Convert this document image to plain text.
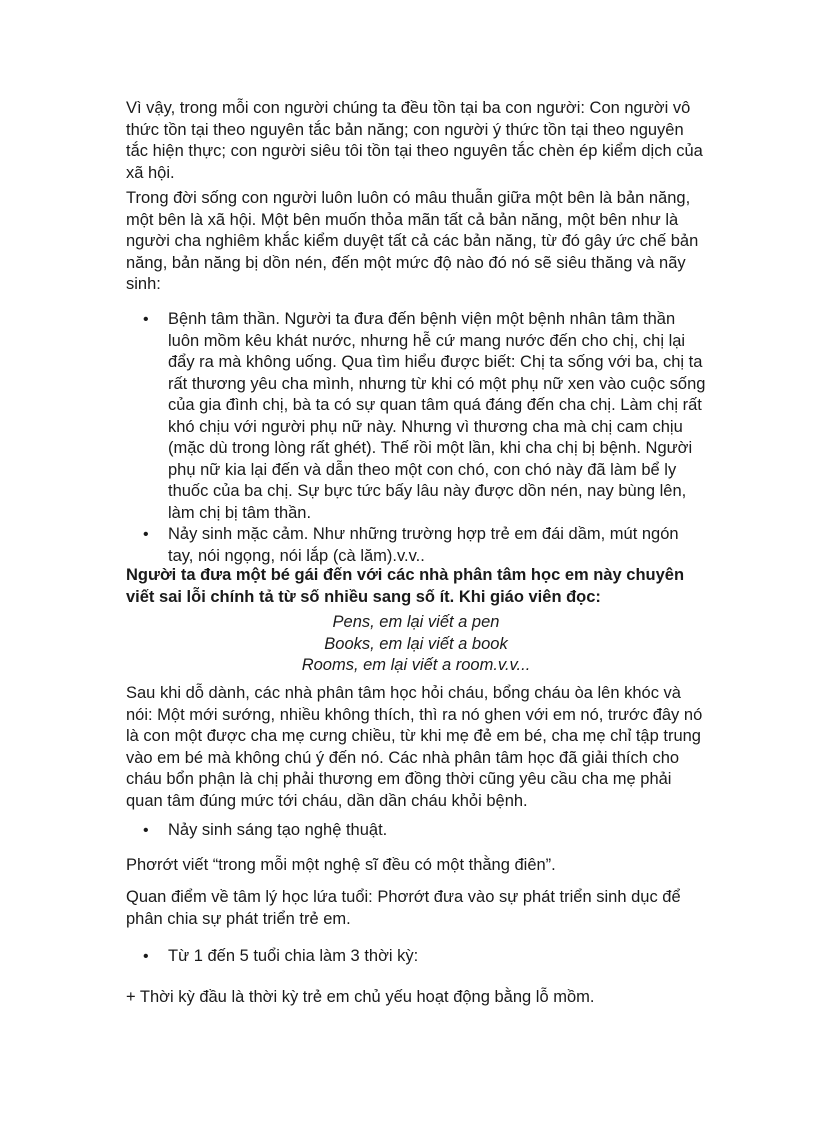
Vì vậy, trong mỗi con người chúng ta đều tồn tại ba con người: Con người vô thức tồn tại theo nguyên tắc bản năng; con người ý thức tồn tại theo nguyên tắc hiện thực; con người siêu tôi tồn tại theo nguyên tắc chèn ép kiểm dịch của xã hội.

Trong đời sống con người luôn luôn có mâu thuẫn giữa một bên là bản năng, một bên là xã hội. Một bên muốn thỏa mãn tất cả bản năng, một bên như là người cha nghiêm khắc kiểm duyệt tất cả các bản năng, từ đó gây ức chế bản năng, bản năng bị dồn nén, đến một mức độ nào đó nó sẽ siêu thăng và nãy sinh:

• Bệnh tâm thần. Người ta đưa đến bệnh viện một bệnh nhân tâm thần luôn mồm kêu khát nước, nhưng hễ cứ mang nước đến cho chị, chị lại đẩy ra mà không uống. Qua tìm hiểu được biết: Chị ta sống với ba, chị ta rất thương yêu cha mình, nhưng từ khi có một phụ nữ xen vào cuộc sống của gia đình chị, bà ta có sự quan tâm quá đáng đến cha chị. Làm chị rất khó chịu với người phụ nữ này. Nhưng vì thương cha mà chị cam chịu (mặc dù trong lòng rất ghét). Thế rồi một lần, khi cha chị bị bệnh. Người phụ nữ kia lại đến và dẫn theo một con chó, con chó này đã làm bể ly thuốc của ba chị. Sự bực tức bấy lâu này được dồn nén, nay bùng lên, làm chị bị tâm thần.
• Nảy sinh mặc cảm. Như những trường hợp trẻ em đái dầm, mút ngón tay, nói ngọng, nói lắp (cà lăm).v.v..

Người ta đưa một bé gái đến với các nhà phân tâm học em này chuyên viết sai lỗi chính tả từ số nhiều sang số ít. Khi giáo viên đọc:

Pens, em lại viết a pen
Books, em lại viết a book
Rooms, em lại viết a room.v.v...

Sau khi dỗ dành, các nhà phân tâm học hỏi cháu, bổng cháu òa lên khóc và nói: Một mới sướng, nhiều không thích, thì ra nó ghen với em nó, trước đây nó là con một được cha mẹ cưng chiều, từ khi mẹ đẻ em bé, cha mẹ chỉ tập trung vào em bé mà không chú ý đến nó. Các nhà phân tâm học đã giải thích cho cháu bổn phận là chị phải thương em đồng thời cũng yêu cầu cha mẹ phải quan tâm đúng mức tới cháu, dần dần cháu khỏi bệnh.

• Nảy sinh sáng tạo nghệ thuật.

Phơrớt viết “trong mỗi một nghệ sĩ đều có một thằng điên”.

Quan điểm về tâm lý học lứa tuổi: Phơrớt đưa vào sự phát triển sinh dục để phân chia sự phát triển trẻ em.

• Từ 1 đến 5 tuổi chia làm 3 thời kỳ:

+ Thời kỳ đầu là thời kỳ trẻ em chủ yếu hoạt động bằng lỗ mồm.
